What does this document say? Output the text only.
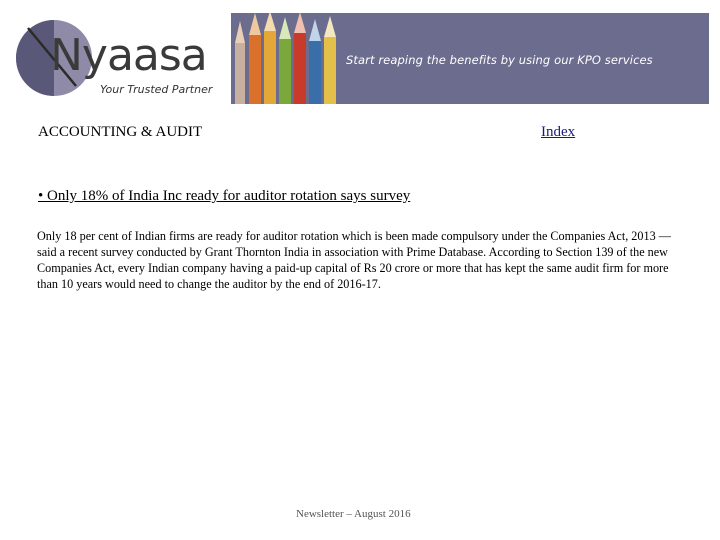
Nyaasa
Your Trusted Partner
Start reaping the benefits by using our KPO services
ACCOUNTING & AUDIT	Index
• Only 18% of India Inc ready for auditor rotation says survey
Only 18 per cent of Indian firms are ready for auditor rotation which is been made compulsory under the Companies Act, 2013 — said a recent survey conducted by Grant Thornton India in association with Prime Database. According to Section 139 of the new Companies Act, every Indian company having a paid-up capital of Rs 20 crore or more that has kept the same audit firm for more than 10 years would need to change the auditor by the end of 2016-17.
Newsletter – August 2016
